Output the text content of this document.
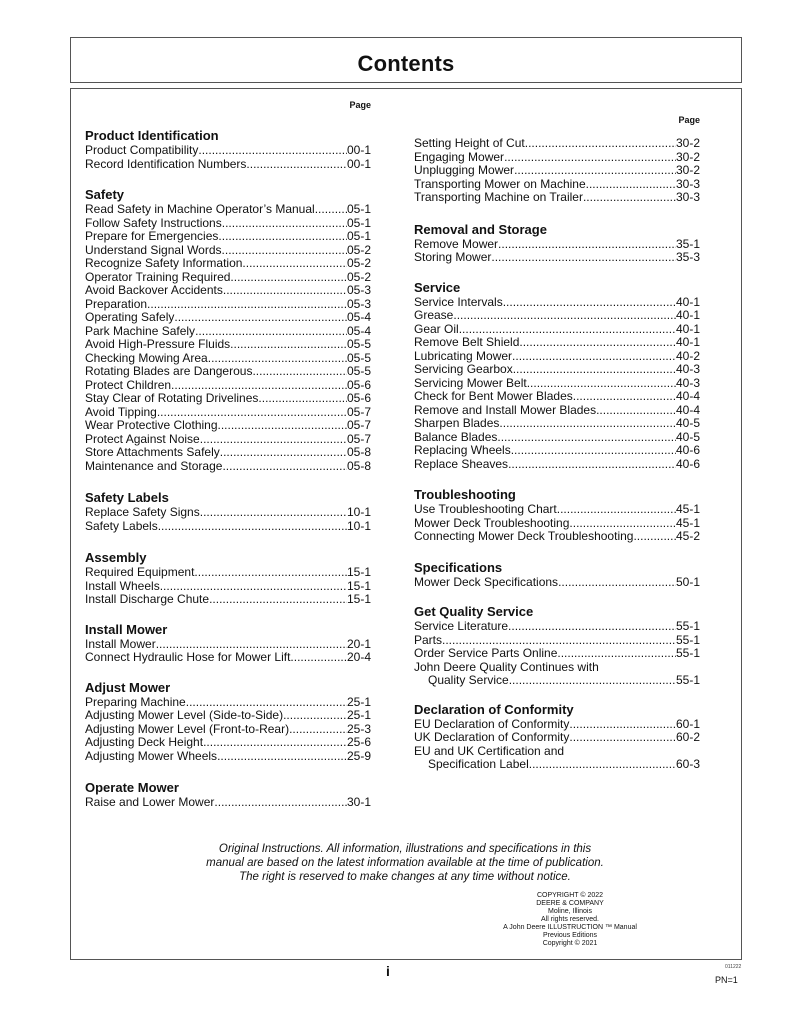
Contents
Page
Product Identification
Product Compatibility .....	00-1
Record Identification Numbers .....	00-1
Safety
Read Safety in Machine Operator’s Manual .....	05-1
Follow Safety Instructions .....	05-1
Prepare for Emergencies .....	05-1
Understand Signal Words .....	05-2
Recognize Safety Information .....	05-2
Operator Training Required .....	05-2
Avoid Backover Accidents .....	05-3
Preparation .....	05-3
Operating Safely .....	05-4
Park Machine Safely .....	05-4
Avoid High-Pressure Fluids .....	05-5
Checking Mowing Area .....	05-5
Rotating Blades are Dangerous .....	05-5
Protect Children .....	05-6
Stay Clear of Rotating Drivelines .....	05-6
Avoid Tipping .....	05-7
Wear Protective Clothing .....	05-7
Protect Against Noise .....	05-7
Store Attachments Safely .....	05-8
Maintenance and Storage .....	05-8
Safety Labels
Replace Safety Signs .....	10-1
Safety Labels .....	10-1
Assembly
Required Equipment .....	15-1
Install Wheels .....	15-1
Install Discharge Chute .....	15-1
Install Mower
Install Mower .....	20-1
Connect Hydraulic Hose for Mower Lift .....	20-4
Adjust Mower
Preparing Machine .....	25-1
Adjusting Mower Level (Side-to-Side) .....	25-1
Adjusting Mower Level (Front-to-Rear) .....	25-3
Adjusting Deck Height .....	25-6
Adjusting Mower Wheels .....	25-9
Operate Mower
Raise and Lower Mower .....	30-1
Page
Setting Height of Cut .....	30-2
Engaging Mower .....	30-2
Unplugging Mower .....	30-2
Transporting Mower on Machine .....	30-3
Transporting Machine on Trailer .....	30-3
Removal and Storage
Remove Mower .....	35-1
Storing Mower .....	35-3
Service
Service Intervals .....	40-1
Grease .....	40-1
Gear Oil .....	40-1
Remove Belt Shield .....	40-1
Lubricating Mower .....	40-2
Servicing Gearbox .....	40-3
Servicing Mower Belt .....	40-3
Check for Bent Mower Blades .....	40-4
Remove and Install Mower Blades .....	40-4
Sharpen Blades .....	40-5
Balance Blades .....	40-5
Replacing Wheels .....	40-6
Replace Sheaves .....	40-6
Troubleshooting
Use Troubleshooting Chart .....	45-1
Mower Deck Troubleshooting .....	45-1
Connecting Mower Deck Troubleshooting .....	45-2
Specifications
Mower Deck Specifications .....	50-1
Get Quality Service
Service Literature .....	55-1
Parts .....	55-1
Order Service Parts Online .....	55-1
John Deere Quality Continues with
Quality Service .....	55-1
Declaration of Conformity
EU Declaration of Conformity .....	60-1
UK Declaration of Conformity .....	60-2
EU and UK Certification and
Specification Label .....	60-3
Original Instructions. All information, illustrations and specifications in this
manual are based on the latest information available at the time of publication.
The right is reserved to make changes at any time without notice.
COPYRIGHT © 2022
DEERE & COMPANY
Moline, Illinois
All rights reserved.
A John Deere ILLUSTRUCTION ™ Manual
Previous Editions
Copyright © 2021
i	011222
PN=1
